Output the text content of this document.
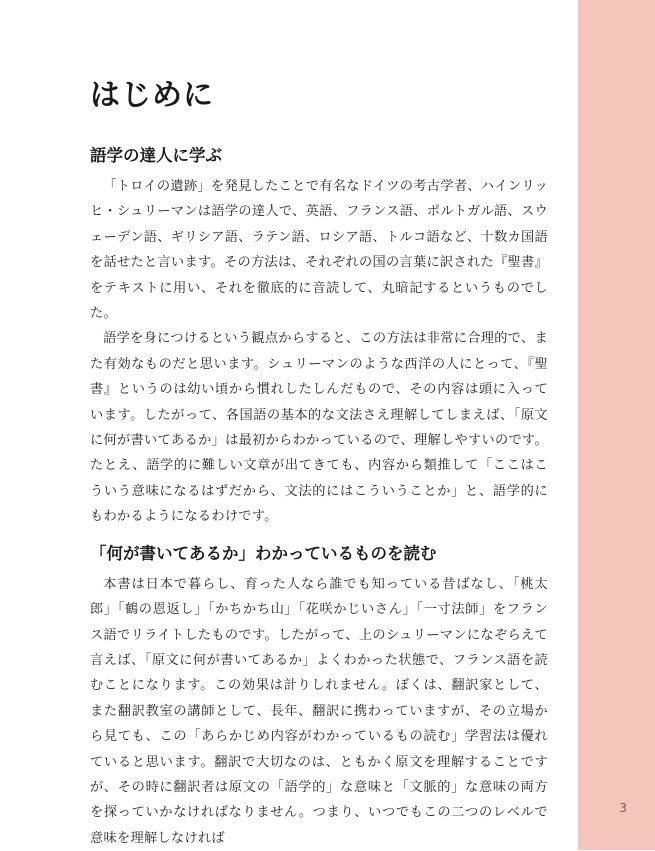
3
はじめに
語学の達人に学ぶ

「トロイの遺跡」を発見したことで有名なドイツの考古学者、ハインリッヒ・シュリーマンは語学の達人で、英語、フランス語、ポルトガル語、スウェーデン語、ギリシア語、ラテン語、ロシア語、トルコ語など、十数カ国語を話せたと言います。その方法は、それぞれの国の言葉に訳された『聖書』をテキストに用い、それを徹底的に音読して、丸暗記するというものでした。

語学を身につけるという観点からすると、この方法は非常に合理的で、また有効なものだと思います。シュリーマンのような西洋の人にとって、『聖書』というのは幼い頃から慣れしたしんだもので、その内容は頭に入っています。したがって、各国語の基本的な文法さえ理解してしまえば、「原文に何が書いてあるか」は最初からわかっているので、理解しやすいのです。たとえ、語学的に難しい文章が出てきても、内容から類推して「ここはこういう意味になるはずだから、文法的にはこういうことか」と、語学的にもわかるようになるわけです。

「何が書いてあるか」わかっているものを読む

本書は日本で暮らし、育った人なら誰でも知っている昔ばなし、「桃太郎」「鶴の恩返し」「かちかち山」「花咲かじいさん」「一寸法師」をフランス語でリライトしたものです。したがって、上のシュリーマンになぞらえて言えば、「原文に何が書いてあるか」よくわかった状態で、フランス語を読むことになります。この効果は計りしれません。ぼくは、翻訳家として、また翻訳教室の講師として、長年、翻訳に携わっていますが、その立場から見ても、この「あらかじめ内容がわかっているもの読む」学習法は優れていると思います。翻訳で大切なのは、ともかく原文を理解することですが、その時に翻訳者は原文の「語学的」な意味と「文脈的」な意味の両方を探っていかなければなりません。つまり、いつでもこの二つのレベルで意味を理解しなければ
